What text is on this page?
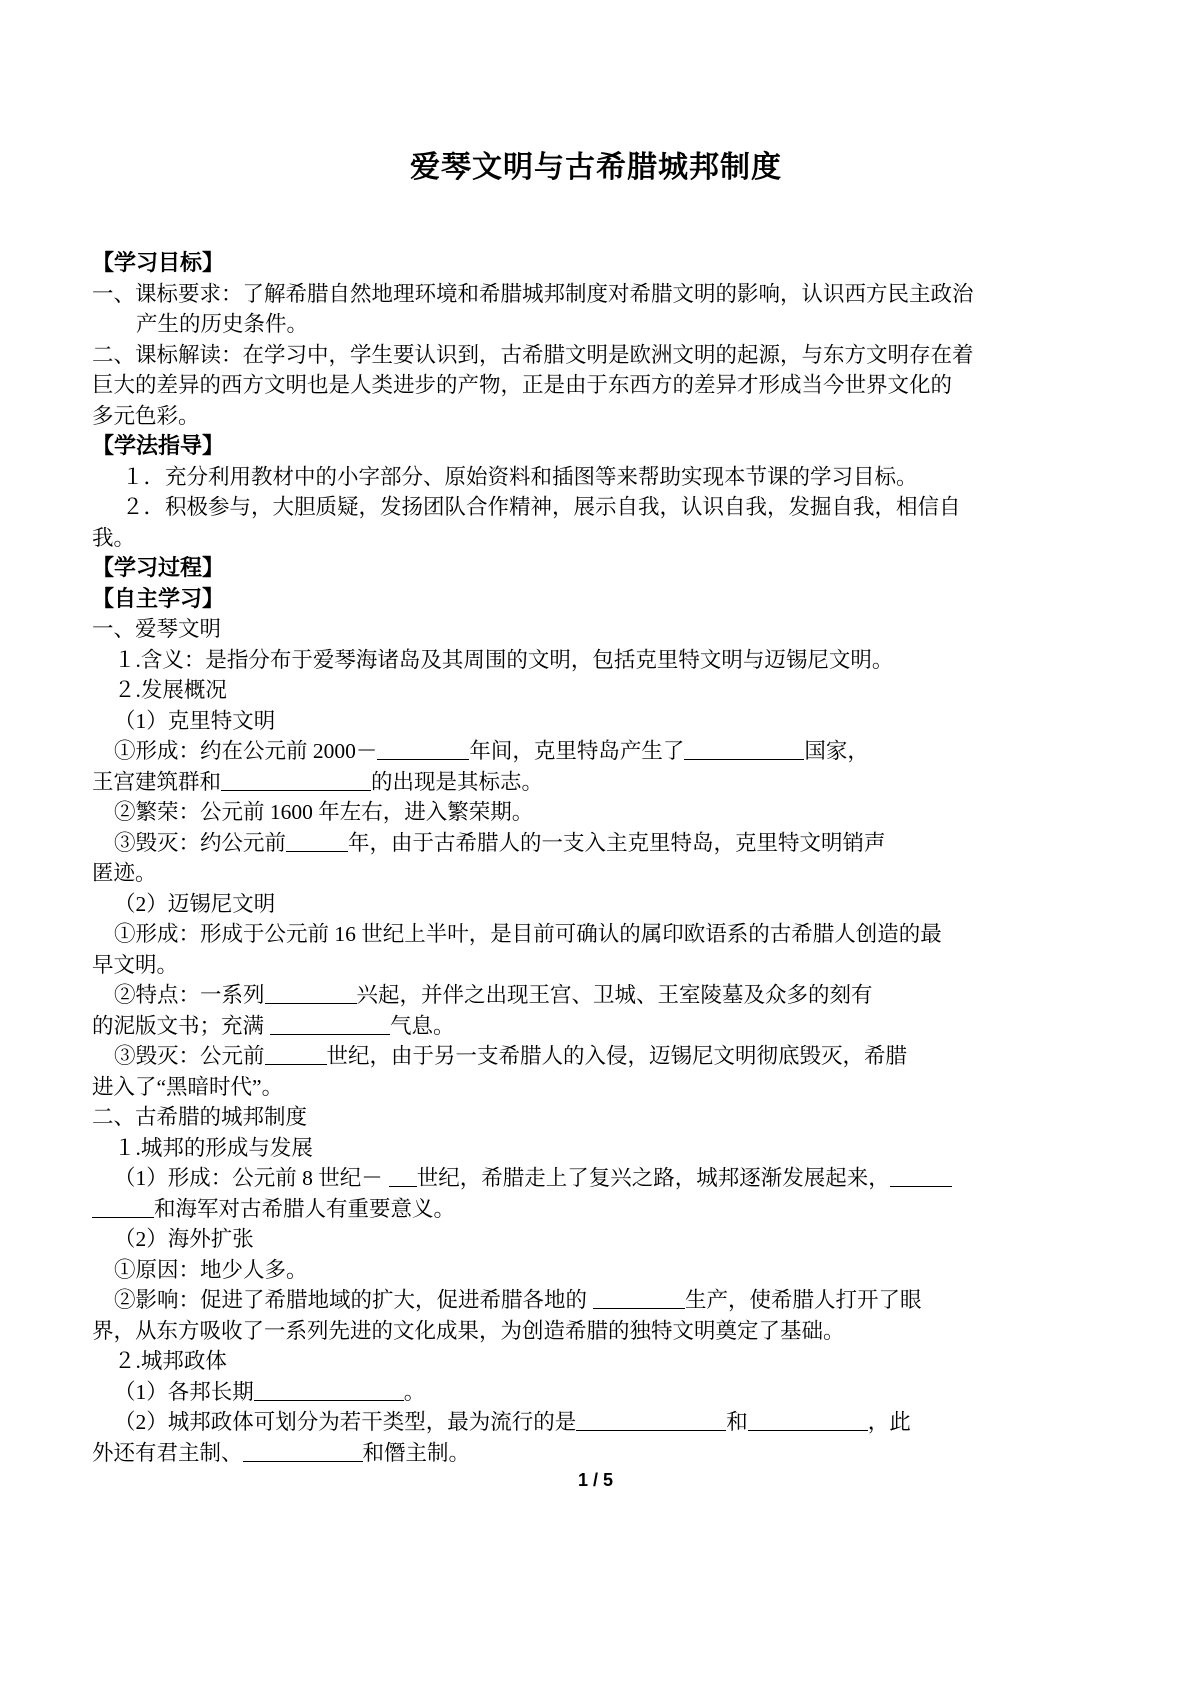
爱琴文明与古希腊城邦制度

【学习目标】

一、课标要求：了解希腊自然地理环境和希腊城邦制度对希腊文明的影响，认识西方民主政治

产生的历史条件。

二、课标解读：在学习中，学生要认识到，古希腊文明是欧洲文明的起源，与东方文明存在着

巨大的差异的西方文明也是人类进步的产物，正是由于东西方的差异才形成当今世界文化的

多元色彩。

【学法指导】

１．充分利用教材中的小字部分、原始资料和插图等来帮助实现本节课的学习目标。

２．积极参与，大胆质疑，发扬团队合作精神，展示自我，认识自我，发掘自我，相信自

我。

【学习过程】

【自主学习】

一、爱琴文明

１.含义：是指分布于爱琴海诸岛及其周围的文明，包括克里特文明与迈锡尼文明。

２.发展概况

（1）克里特文明

①形成：约在公元前 2000－	年间，克里特岛产生了	国家，

王宫建筑群和	的出现是其标志。

②繁荣：公元前 1600 年左右，进入繁荣期。

③毁灭：约公元前	年，由于古希腊人的一支入主克里特岛，克里特文明销声

匿迹。

（2）迈锡尼文明

①形成：形成于公元前 16 世纪上半叶，是目前可确认的属印欧语系的古希腊人创造的最

早文明。

②特点：一系列	兴起，并伴之出现王宫、卫城、王室陵墓及众多的刻有

的泥版文书；充满	气息。

③毁灭：公元前	世纪，由于另一支希腊人的入侵，迈锡尼文明彻底毁灭，希腊

进入了“黑暗时代”。

二、古希腊的城邦制度

１.城邦的形成与发展

（1）形成：公元前 8 世纪－ 世纪，希腊走上了复兴之路，城邦逐渐发展起来，

和海军对古希腊人有重要意义。

（2）海外扩张

①原因：地少人多。

②影响：促进了希腊地域的扩大，促进希腊各地的	生产，使希腊人打开了眼

界，从东方吸收了一系列先进的文化成果，为创造希腊的独特文明奠定了基础。

２.城邦政体

（1）各邦长期	。

（2）城邦政体可划分为若干类型，最为流行的是	和	，此

外还有君主制、	和僭主制。

1 / 5
